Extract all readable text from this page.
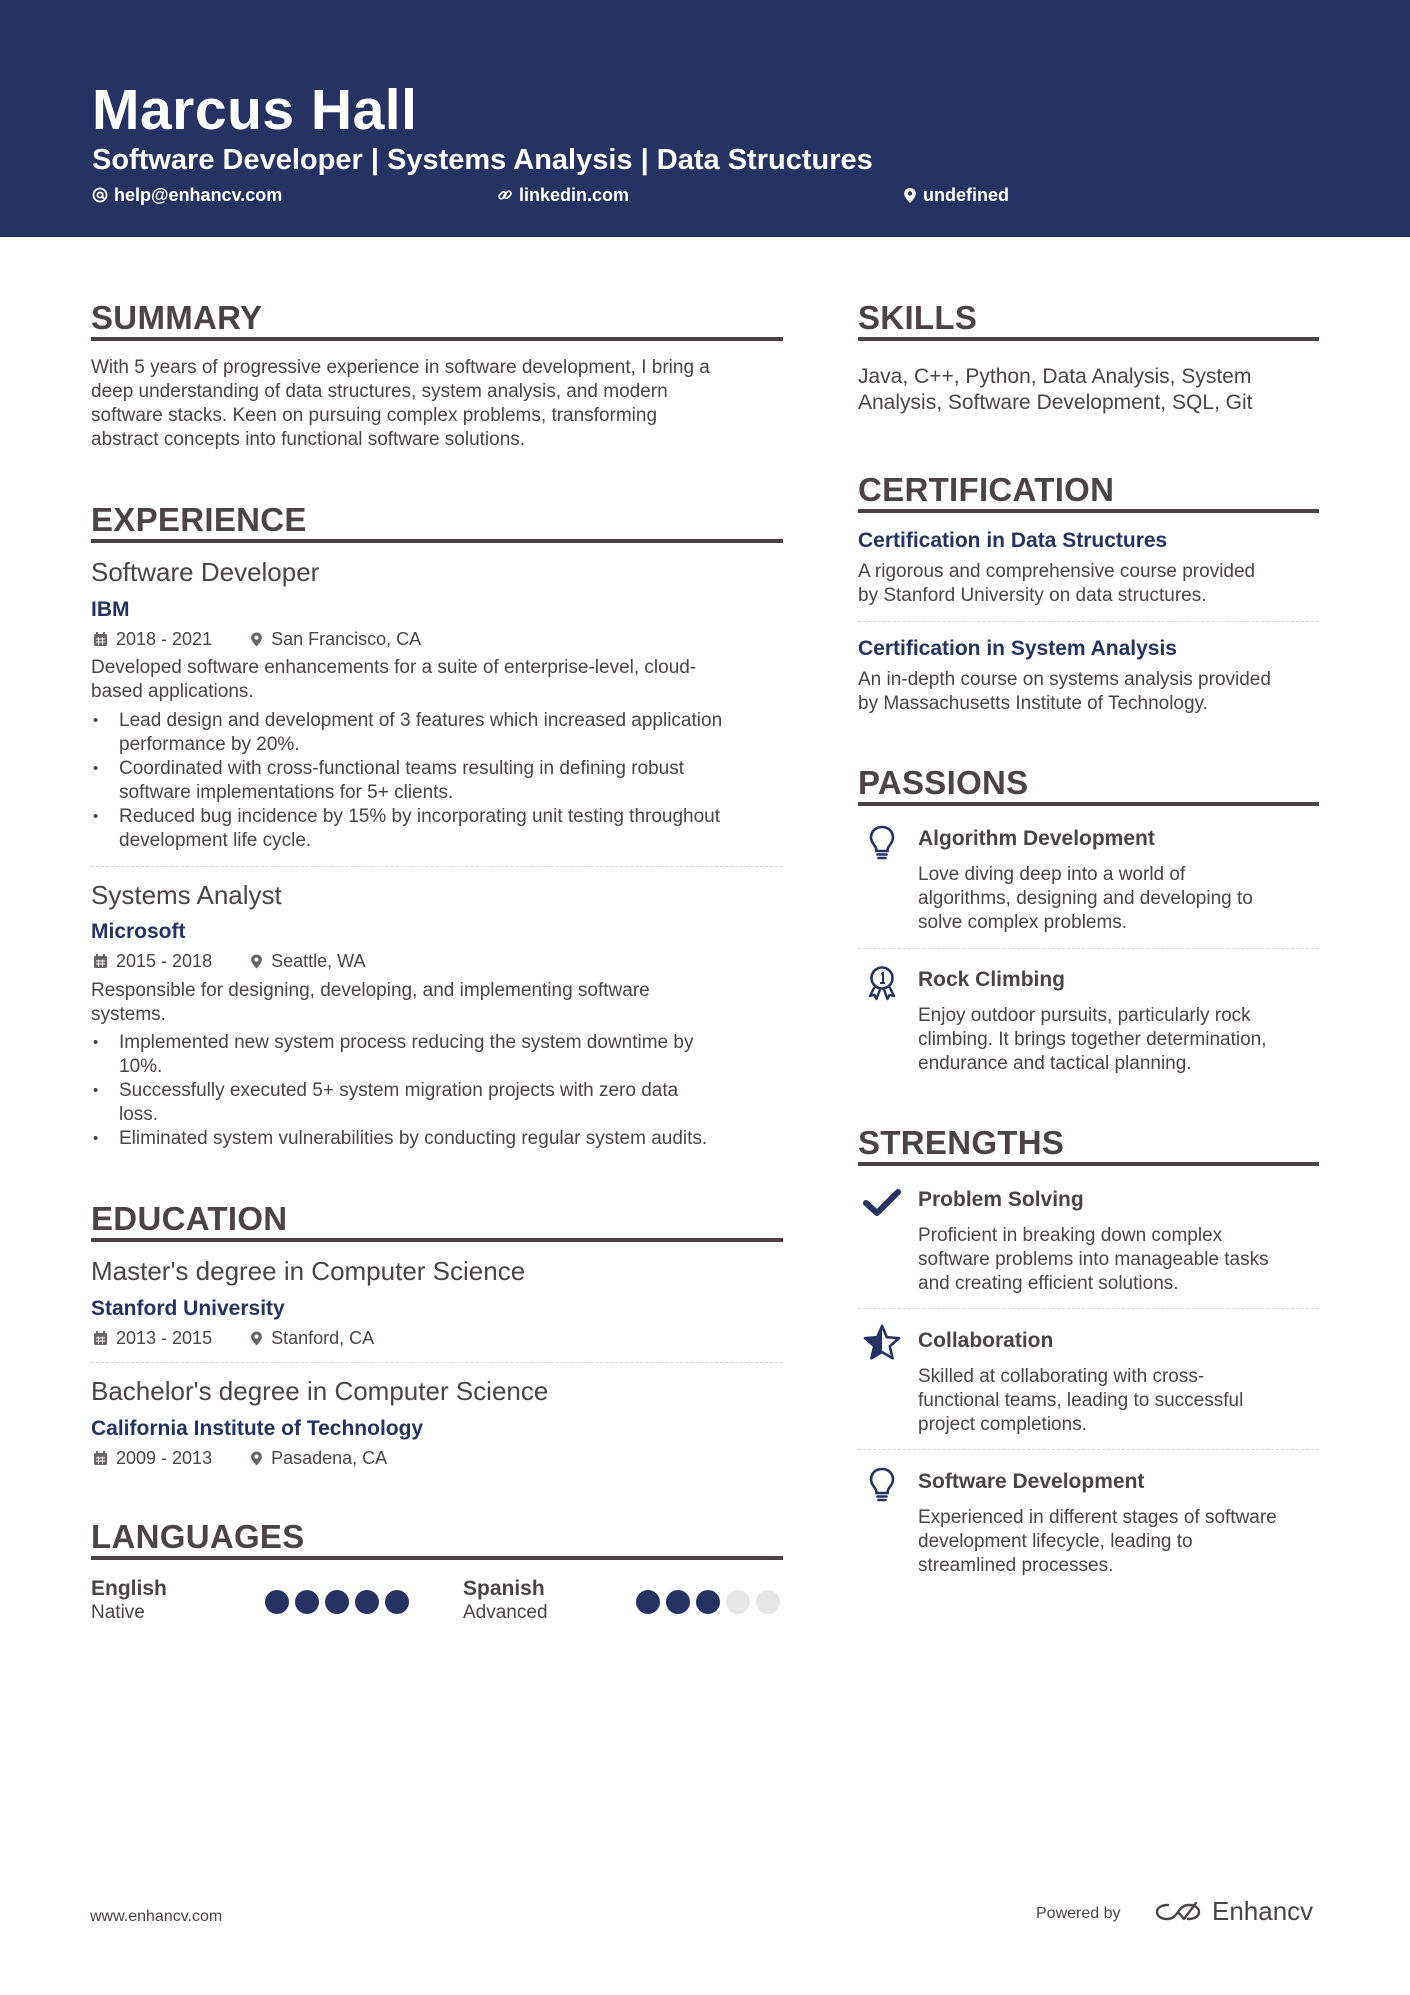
Marcus Hall
Software Developer | Systems Analysis | Data Structures
help@enhancv.com	linkedin.com	undefined
SUMMARY
With 5 years of progressive experience in software development, I bring a
deep understanding of data structures, system analysis, and modern
software stacks. Keen on pursuing complex problems, transforming
abstract concepts into functional software solutions.
EXPERIENCE
Software Developer
IBM
2018 - 2021	San Francisco, CA
Developed software enhancements for a suite of enterprise-level, cloud-
based applications.
• Lead design and development of 3 features which increased application
performance by 20%.
• Coordinated with cross-functional teams resulting in defining robust
software implementations for 5+ clients.
• Reduced bug incidence by 15% by incorporating unit testing throughout
development life cycle.
Systems Analyst
Microsoft
2015 - 2018	Seattle, WA
Responsible for designing, developing, and implementing software
systems.
• Implemented new system process reducing the system downtime by
10%.
• Successfully executed 5+ system migration projects with zero data
loss.
• Eliminated system vulnerabilities by conducting regular system audits.
EDUCATION
Master's degree in Computer Science
Stanford University
2013 - 2015	Stanford, CA
Bachelor's degree in Computer Science
California Institute of Technology
2009 - 2013	Pasadena, CA
LANGUAGES
English
Native
Spanish
Advanced
SKILLS
Java, C++, Python, Data Analysis, System
Analysis, Software Development, SQL, Git
CERTIFICATION
Certification in Data Structures
A rigorous and comprehensive course provided
by Stanford University on data structures.
Certification in System Analysis
An in-depth course on systems analysis provided
by Massachusetts Institute of Technology.
PASSIONS
Algorithm Development
Love diving deep into a world of
algorithms, designing and developing to
solve complex problems.
Rock Climbing
Enjoy outdoor pursuits, particularly rock
climbing. It brings together determination,
endurance and tactical planning.
STRENGTHS
Problem Solving
Proficient in breaking down complex
software problems into manageable tasks
and creating efficient solutions.
Collaboration
Skilled at collaborating with cross-
functional teams, leading to successful
project completions.
Software Development
Experienced in different stages of software
development lifecycle, leading to
streamlined processes.
www.enhancv.com	Powered by	Enhancv
